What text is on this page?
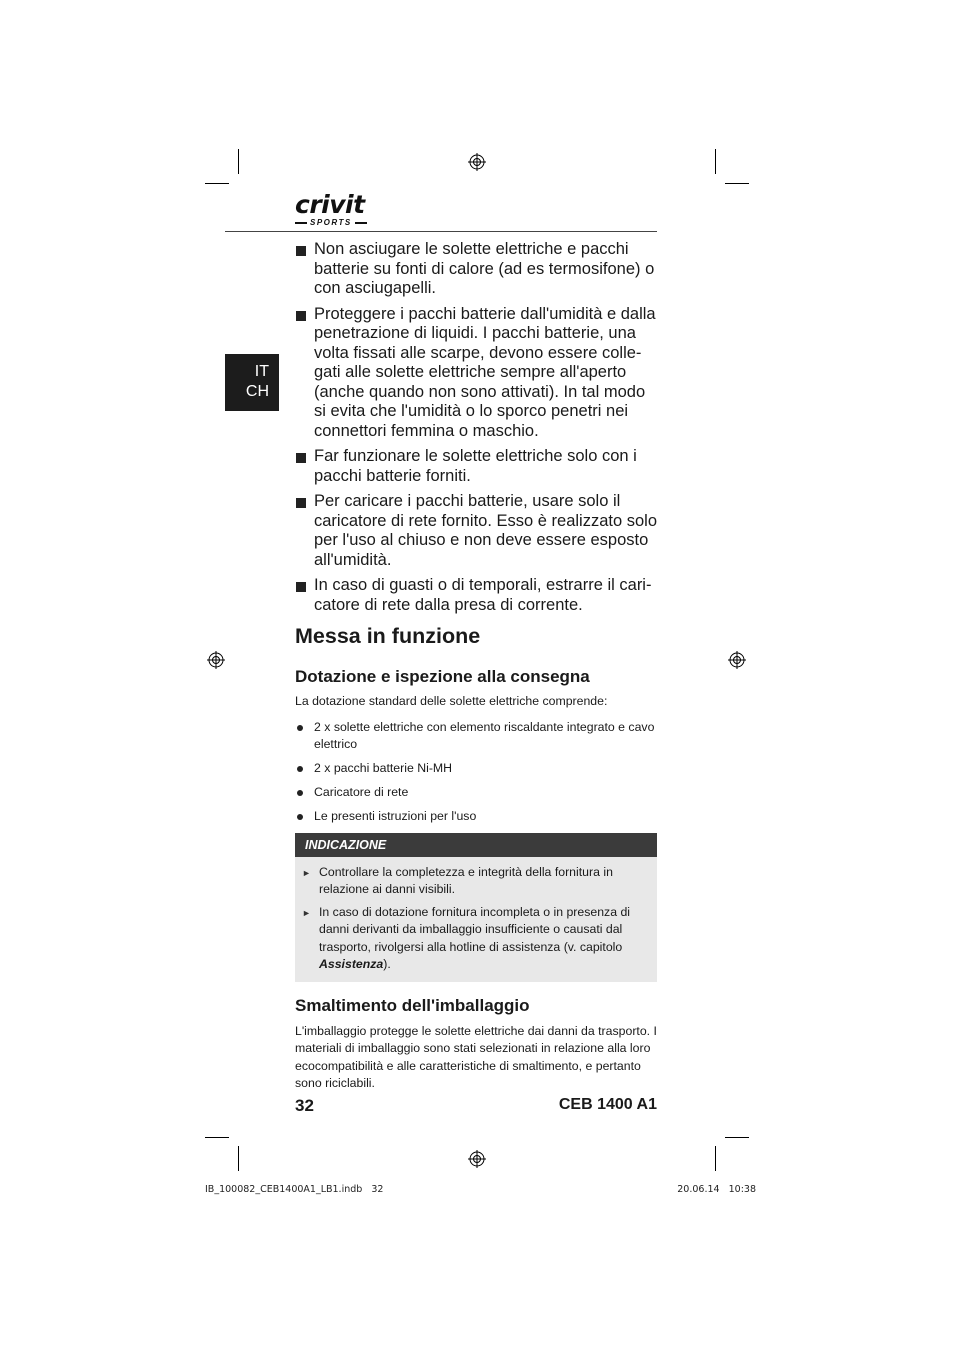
crivit
SPORTS
IT
CH
Non asciugare le solette elettriche e pacchi batterie su fonti di calore (ad es termosifone) o con asciugapelli.
Proteggere i pacchi batterie dall'umidità e dalla penetrazione di liquidi. I pacchi batterie, una volta fissati alle scarpe, devono essere colle-gati alle solette elettriche sempre all'aperto (anche quando non sono attivati). In tal modo si evita che l'umidità o lo sporco penetri nei connettori femmina o maschio.
Far funzionare le solette elettriche solo con i pacchi batterie forniti.
Per caricare i pacchi batterie, usare solo il caricatore di rete fornito. Esso è realizzato solo per l'uso al chiuso e non deve essere esposto all'umidità.
In caso di guasti o di temporali, estrarre il cari-catore di rete dalla presa di corrente.
Messa in funzione
Dotazione e ispezione alla consegna
La dotazione standard delle solette elettriche comprende:
2 x solette elettriche con elemento riscaldante integrato e cavo elettrico
2 x pacchi batterie Ni-MH
Caricatore di rete
Le presenti istruzioni per l'uso
INDICAZIONE
► Controllare la completezza e integrità della fornitura in relazione ai danni visibili.
► In caso di dotazione fornitura incompleta o in presenza di danni derivanti da imballaggio insufficiente o causati dal trasporto, rivolgersi alla hotline di assistenza (v. capitolo Assistenza).
Smaltimento dell'imballaggio
L'imballaggio protegge le solette elettriche dai danni da trasporto. I materiali di imballaggio sono stati selezionati in relazione alla loro ecocompatibilità e alle caratteristiche di smaltimento, e pertanto sono riciclabili.
32	CEB 1400 A1
IB_100082_CEB1400A1_LB1.indb   32	20.06.14   10:38
